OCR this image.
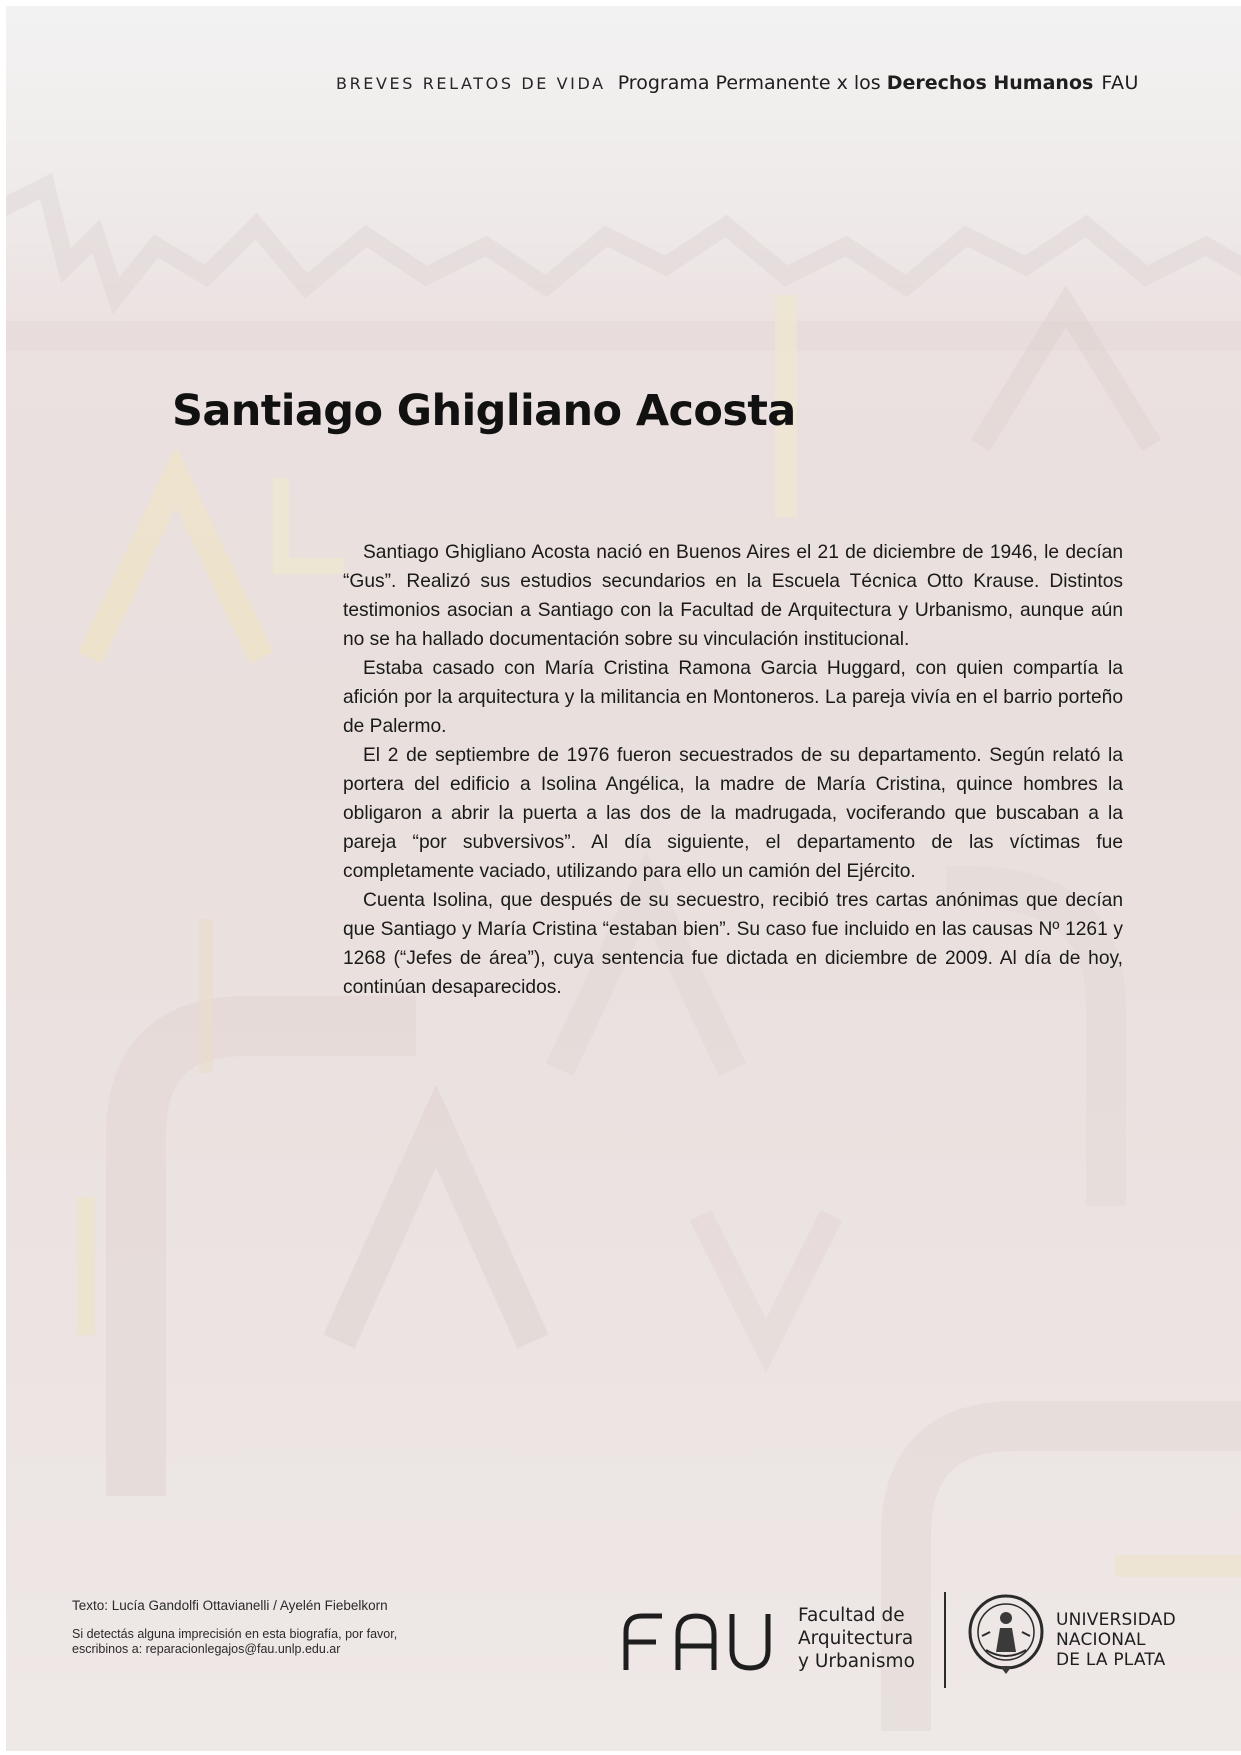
BREVES RELATOS DE VIDA Programa Permanente x los Derechos Humanos FAU
Santiago Ghigliano Acosta

Santiago Ghigliano Acosta nació en Buenos Aires el 21 de diciembre de 1946, le decían “Gus”. Realizó sus estudios secundarios en la Escuela Técnica Otto Krause. Distintos testimonios asocian a Santiago con la Facultad de Arquitectura y Urbanismo, aunque aún no se ha hallado documentación sobre su vinculación institucional.

Estaba casado con María Cristina Ramona Garcia Huggard, con quien compartía la afición por la arquitectura y la militancia en Montoneros. La pareja vivía en el barrio porteño de Palermo.

El 2 de septiembre de 1976 fueron secuestrados de su departamento. Según relató la portera del edificio a Isolina Angélica, la madre de María Cristina, quince hombres la obligaron a abrir la puerta a las dos de la madrugada, vociferando que buscaban a la pareja “por subversivos”. Al día siguiente, el departamento de las víctimas fue completamente vaciado, utilizando para ello un camión del Ejército.

Cuenta Isolina, que después de su secuestro, recibió tres cartas anónimas que decían que Santiago y María Cristina “estaban bien”. Su caso fue incluido en las causas Nº 1261 y 1268 (“Jefes de área”), cuya sentencia fue dictada en diciembre de 2009. Al día de hoy, continúan desaparecidos.

Texto: Lucía Gandolfi Ottavianelli / Ayelén Fiebelkorn

Si detectás alguna imprecisión en esta biografía, por favor,
escribinos a: reparacionlegajos@fau.unlp.edu.ar

Facultad de
Arquitectura
y Urbanismo
UNIVERSIDAD
NACIONAL
DE LA PLATA
